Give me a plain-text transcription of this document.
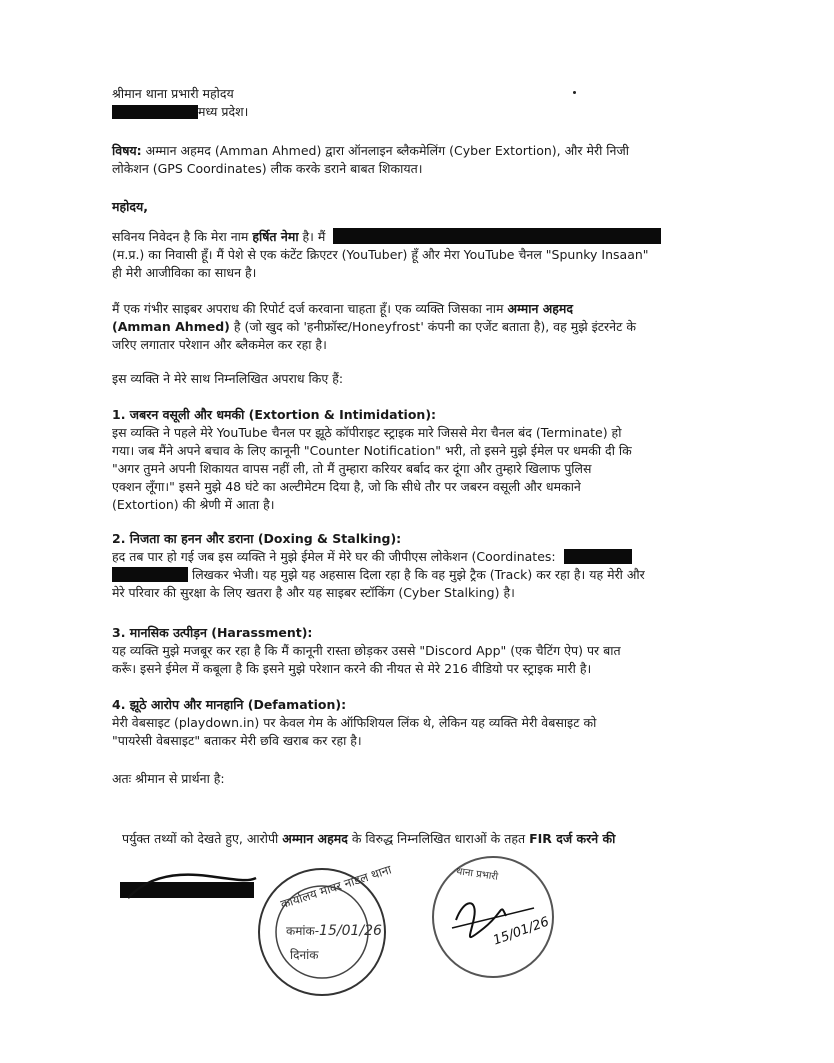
श्रीमान थाना प्रभारी महोदय
मध्य प्रदेश।
विषय: अम्मान अहमद (Amman Ahmed) द्वारा ऑनलाइन ब्लैकमेलिंग (Cyber Extortion), और मेरी निजी
लोकेशन (GPS Coordinates) लीक करके डराने बाबत शिकायत।
महोदय,
सविनय निवेदन है कि मेरा नाम हर्षित नेमा है। मैं
(म.प्र.) का निवासी हूँ। मैं पेशे से एक कंटेंट क्रिएटर (YouTuber) हूँ और मेरा YouTube चैनल "Spunky Insaan"
ही मेरी आजीविका का साधन है।
मैं एक गंभीर साइबर अपराध की रिपोर्ट दर्ज करवाना चाहता हूँ। एक व्यक्ति जिसका नाम अम्मान अहमद
(Amman Ahmed) है (जो खुद को 'हनीफ्रॉस्ट/Honeyfrost' कंपनी का एजेंट बताता है), वह मुझे इंटरनेट के
जरिए लगातार परेशान और ब्लैकमेल कर रहा है।
इस व्यक्ति ने मेरे साथ निम्नलिखित अपराध किए हैं:
1. जबरन वसूली और धमकी (Extortion & Intimidation):
इस व्यक्ति ने पहले मेरे YouTube चैनल पर झूठे कॉपीराइट स्ट्राइक मारे जिससे मेरा चैनल बंद (Terminate) हो
गया। जब मैंने अपने बचाव के लिए कानूनी "Counter Notification" भरी, तो इसने मुझे ईमेल पर धमकी दी कि
"अगर तुमने अपनी शिकायत वापस नहीं ली, तो मैं तुम्हारा करियर बर्बाद कर दूंगा और तुम्हारे खिलाफ पुलिस
एक्शन लूँगा।" इसने मुझे 48 घंटे का अल्टीमेटम दिया है, जो कि सीधे तौर पर जबरन वसूली और धमकाने
(Extortion) की श्रेणी में आता है।
2. निजता का हनन और डराना (Doxing & Stalking):
हद तब पार हो गई जब इस व्यक्ति ने मुझे ईमेल में मेरे घर की जीपीएस लोकेशन (Coordinates:
लिखकर भेजी। यह मुझे यह अहसास दिला रहा है कि वह मुझे ट्रैक (Track) कर रहा है। यह मेरी और
मेरे परिवार की सुरक्षा के लिए खतरा है और यह साइबर स्टॉकिंग (Cyber Stalking) है।
3. मानसिक उत्पीड़न (Harassment):
यह व्यक्ति मुझे मजबूर कर रहा है कि मैं कानूनी रास्ता छोड़कर उससे "Discord App" (एक चैटिंग ऐप) पर बात
करूँ। इसने ईमेल में कबूला है कि इसने मुझे परेशान करने की नीयत से मेरे 216 वीडियो पर स्ट्राइक मारी है।
4. झूठे आरोप और मानहानि (Defamation):
मेरी वेबसाइट (playdown.in) पर केवल गेम के ऑफिशियल लिंक थे, लेकिन यह व्यक्ति मेरी वेबसाइट को
"पायरेसी वेबसाइट" बताकर मेरी छवि खराब कर रहा है।
अतः श्रीमान से प्रार्थना है:
पर्युक्त तथ्यों को देखते हुए, आरोपी अम्मान अहमद के विरुद्ध निम्नलिखित धाराओं के तहत FIR दर्ज करने की
कार्यालय मावर नाडल थाना
कमांक-15/01/26
दिनांक
थाना प्रभारी
15/01/26
